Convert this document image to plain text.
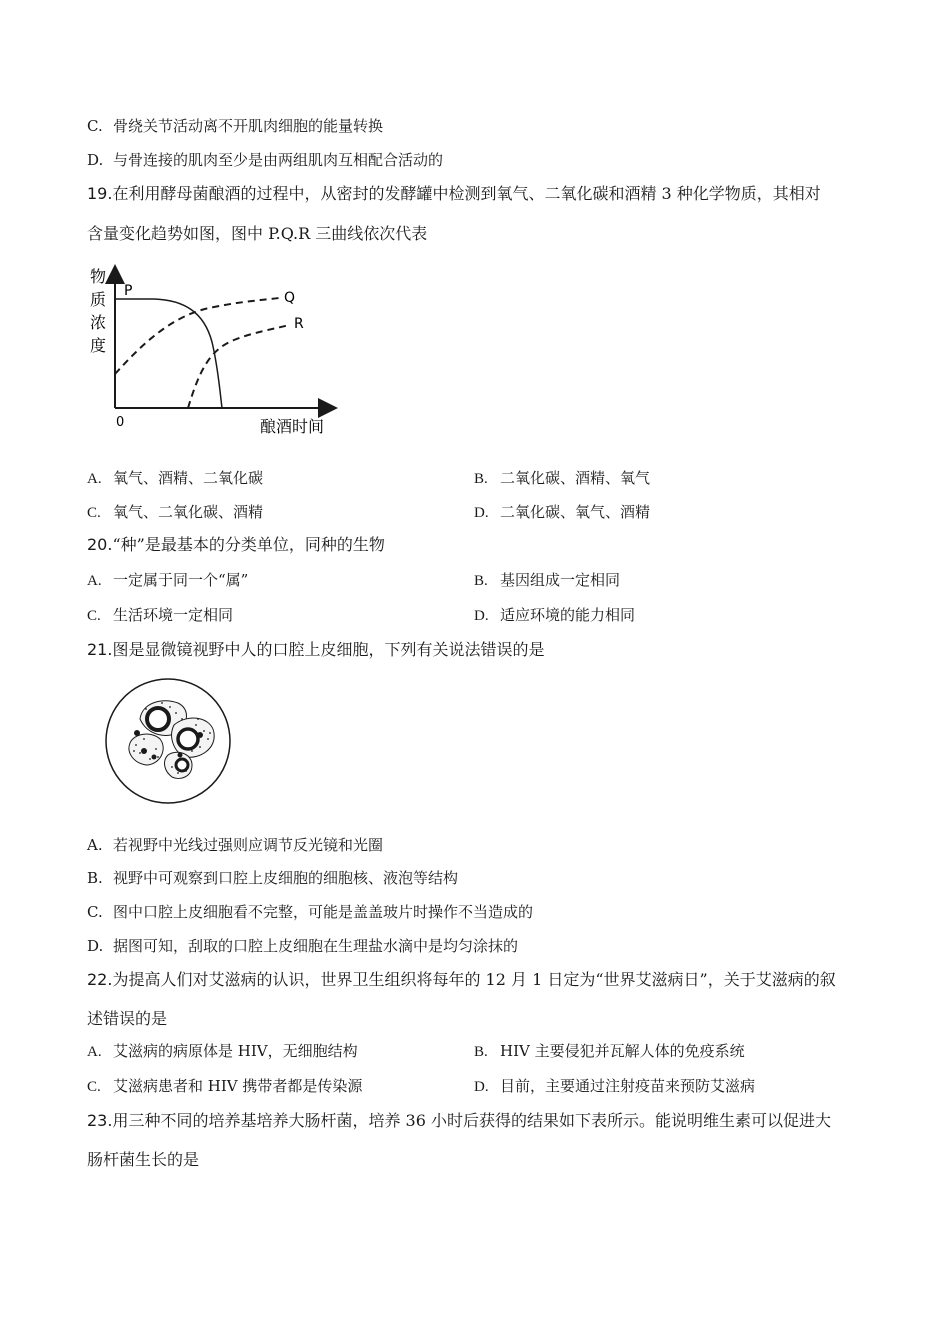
C. 骨绕关节活动离不开肌肉细胞的能量转换
D. 与骨连接的肌肉至少是由两组肌肉互相配合活动的
19.在利用酵母菌酿酒的过程中，从密封的发酵罐中检测到氧气、二氧化碳和酒精 3 种化学物质，其相对
含量变化趋势如图，图中 P.Q.R 三曲线依次代表
物
质
浓
度
0	酿酒时间
P	Q
R
A. 氧气、酒精、二氧化碳	B. 二氧化碳、酒精、氧气
C. 氧气、二氧化碳、酒精	D. 二氧化碳、氧气、酒精
20.“种”是最基本的分类单位，同种的生物
A. 一定属于同一个“属”	B. 基因组成一定相同
C. 生活环境一定相同	D. 适应环境的能力相同
21.图是显微镜视野中人的口腔上皮细胞，下列有关说法错误的是
A. 若视野中光线过强则应调节反光镜和光圈
B. 视野中可观察到口腔上皮细胞的细胞核、液泡等结构
C. 图中口腔上皮细胞看不完整，可能是盖盖玻片时操作不当造成的
D. 据图可知，刮取的口腔上皮细胞在生理盐水滴中是均匀涂抹的
22.为提高人们对艾滋病的认识，世界卫生组织将每年的 12 月 1 日定为“世界艾滋病日”，关于艾滋病的叙
述错误的是
A. 艾滋病的病原体是 HIV，无细胞结构	B. HIV 主要侵犯并瓦解人体的免疫系统
C. 艾滋病患者和 HIV 携带者都是传染源	D. 目前，主要通过注射疫苗来预防艾滋病
23.用三种不同的培养基培养大肠杆菌，培养 36 小时后获得的结果如下表所示。能说明维生素可以促进大
肠杆菌生长的是
